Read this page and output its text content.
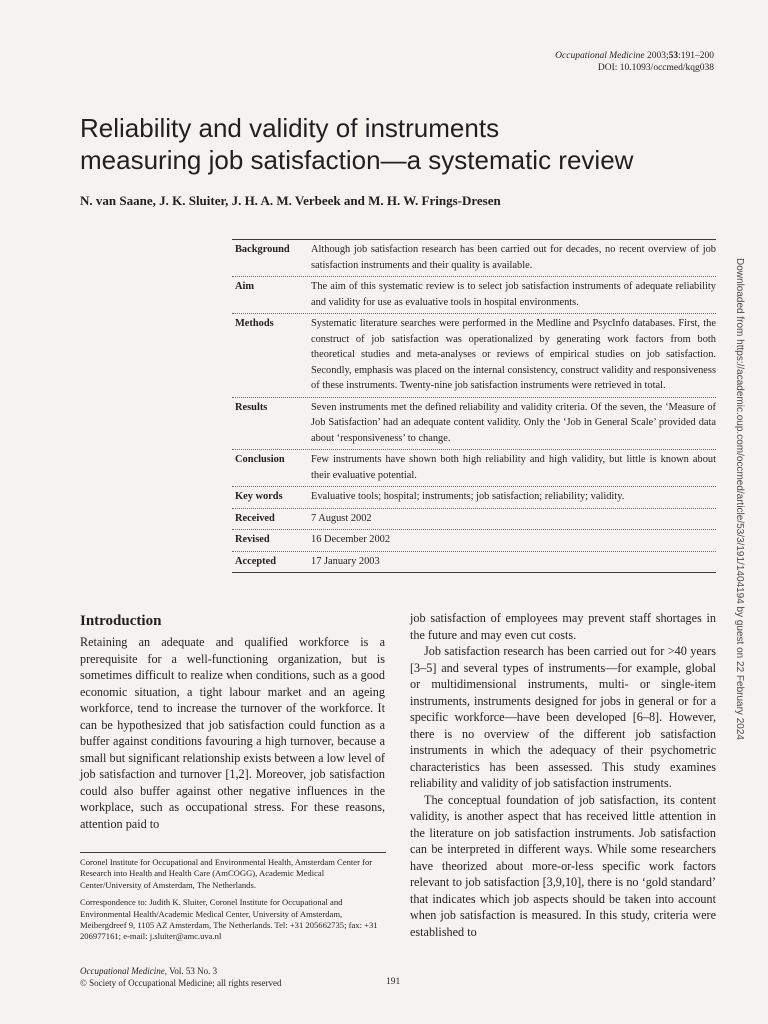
Occupational Medicine 2003;53:191–200
DOI: 10.1093/occmed/kqg038
Reliability and validity of instruments
measuring job satisfaction—a systematic review
N. van Saane, J. K. Sluiter, J. H. A. M. Verbeek and M. H. W. Frings-Dresen
Background	Although job satisfaction research has been carried out for decades, no recent overview of job satisfaction instruments and their quality is available.
Aim	The aim of this systematic review is to select job satisfaction instruments of adequate reliability and validity for use as evaluative tools in hospital environments.
Methods	Systematic literature searches were performed in the Medline and PsycInfo databases. First, the construct of job satisfaction was operationalized by generating work factors from both theoretical studies and meta-analyses or reviews of empirical studies on job satisfaction. Secondly, emphasis was placed on the internal consistency, construct validity and responsiveness of these instruments. Twenty-nine job satisfaction instruments were retrieved in total.
Results	Seven instruments met the defined reliability and validity criteria. Of the seven, the ‘Measure of Job Satisfaction’ had an adequate content validity. Only the ‘Job in General Scale’ provided data about ‘responsiveness’ to change.
Conclusion	Few instruments have shown both high reliability and high validity, but little is known about their evaluative potential.
Key words	Evaluative tools; hospital; instruments; job satisfaction; reliability; validity.
Received	7 August 2002
Revised	16 December 2002
Accepted	17 January 2003
Introduction

Retaining an adequate and qualified workforce is a prerequisite for a well-functioning organization, but is sometimes difficult to realize when conditions, such as a good economic situation, a tight labour market and an ageing workforce, tend to increase the turnover of the workforce. It can be hypothesized that job satisfaction could function as a buffer against conditions favouring a high turnover, because a small but significant relationship exists between a low level of job satisfaction and turnover [1,2]. Moreover, job satisfaction could also buffer against other negative influences in the workplace, such as occupational stress. For these reasons, attention paid to

job satisfaction of employees may prevent staff shortages in the future and may even cut costs.

Job satisfaction research has been carried out for >40 years [3–5] and several types of instruments—for example, global or multidimensional instruments, multi- or single-item instruments, instruments designed for jobs in general or for a specific workforce—have been developed [6–8]. However, there is no overview of the different job satisfaction instruments in which the adequacy of their psychometric characteristics has been assessed. This study examines reliability and validity of job satisfaction instruments.

The conceptual foundation of job satisfaction, its content validity, is another aspect that has received little attention in the literature on job satisfaction instruments. Job satisfaction can be interpreted in different ways. While some researchers have theorized about more-or-less specific work factors relevant to job satisfaction [3,9,10], there is no ‘gold standard’ that indicates which job aspects should be taken into account when job satisfaction is measured. In this study, criteria were established to

Coronel Institute for Occupational and Environmental Health, Amsterdam Center for Research into Health and Health Care (AmCOGG), Academic Medical Center/University of Amsterdam, The Netherlands.

Correspondence to: Judith K. Sluiter, Coronel Institute for Occupational and Environmental Health/Academic Medical Center, University of Amsterdam, Meibergdreef 9, 1105 AZ Amsterdam, The Netherlands. Tel: +31 205662735; fax: +31 206977161; e-mail: j.sluiter@amc.uva.nl

Occupational Medicine, Vol. 53 No. 3
© Society of Occupational Medicine; all rights reserved	191
Downloaded from https://academic.oup.com/occmed/article/53/3/191/1404194 by guest on 22 February 2024
